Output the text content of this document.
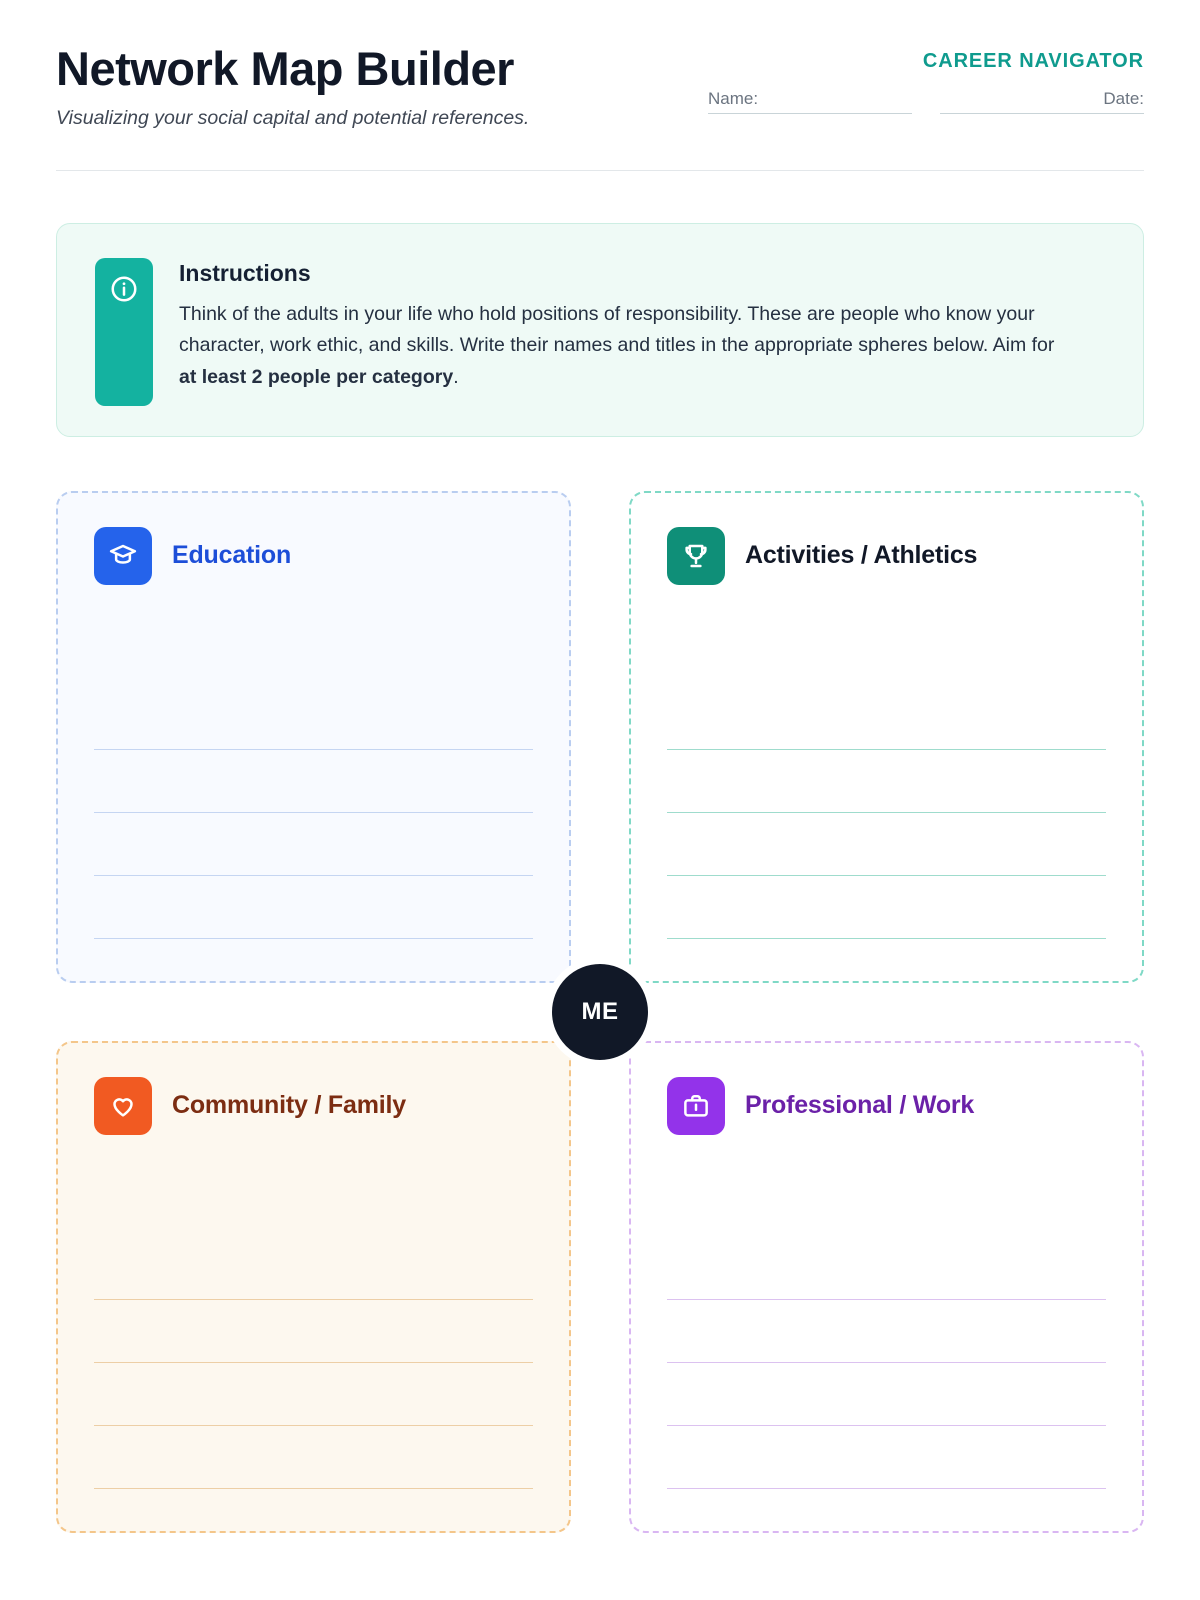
Network Map Builder

Visualizing your social capital and potential references.

CAREER NAVIGATOR
Name:	Date:

Instructions

Think of the adults in your life who hold positions of responsibility. These are people who know your character, work ethic, and skills. Write their names and titles in the appropriate spheres below. Aim for at least 2 people per category.

Education	Activities / Athletics
Community / Family	Professional / Work
ME
